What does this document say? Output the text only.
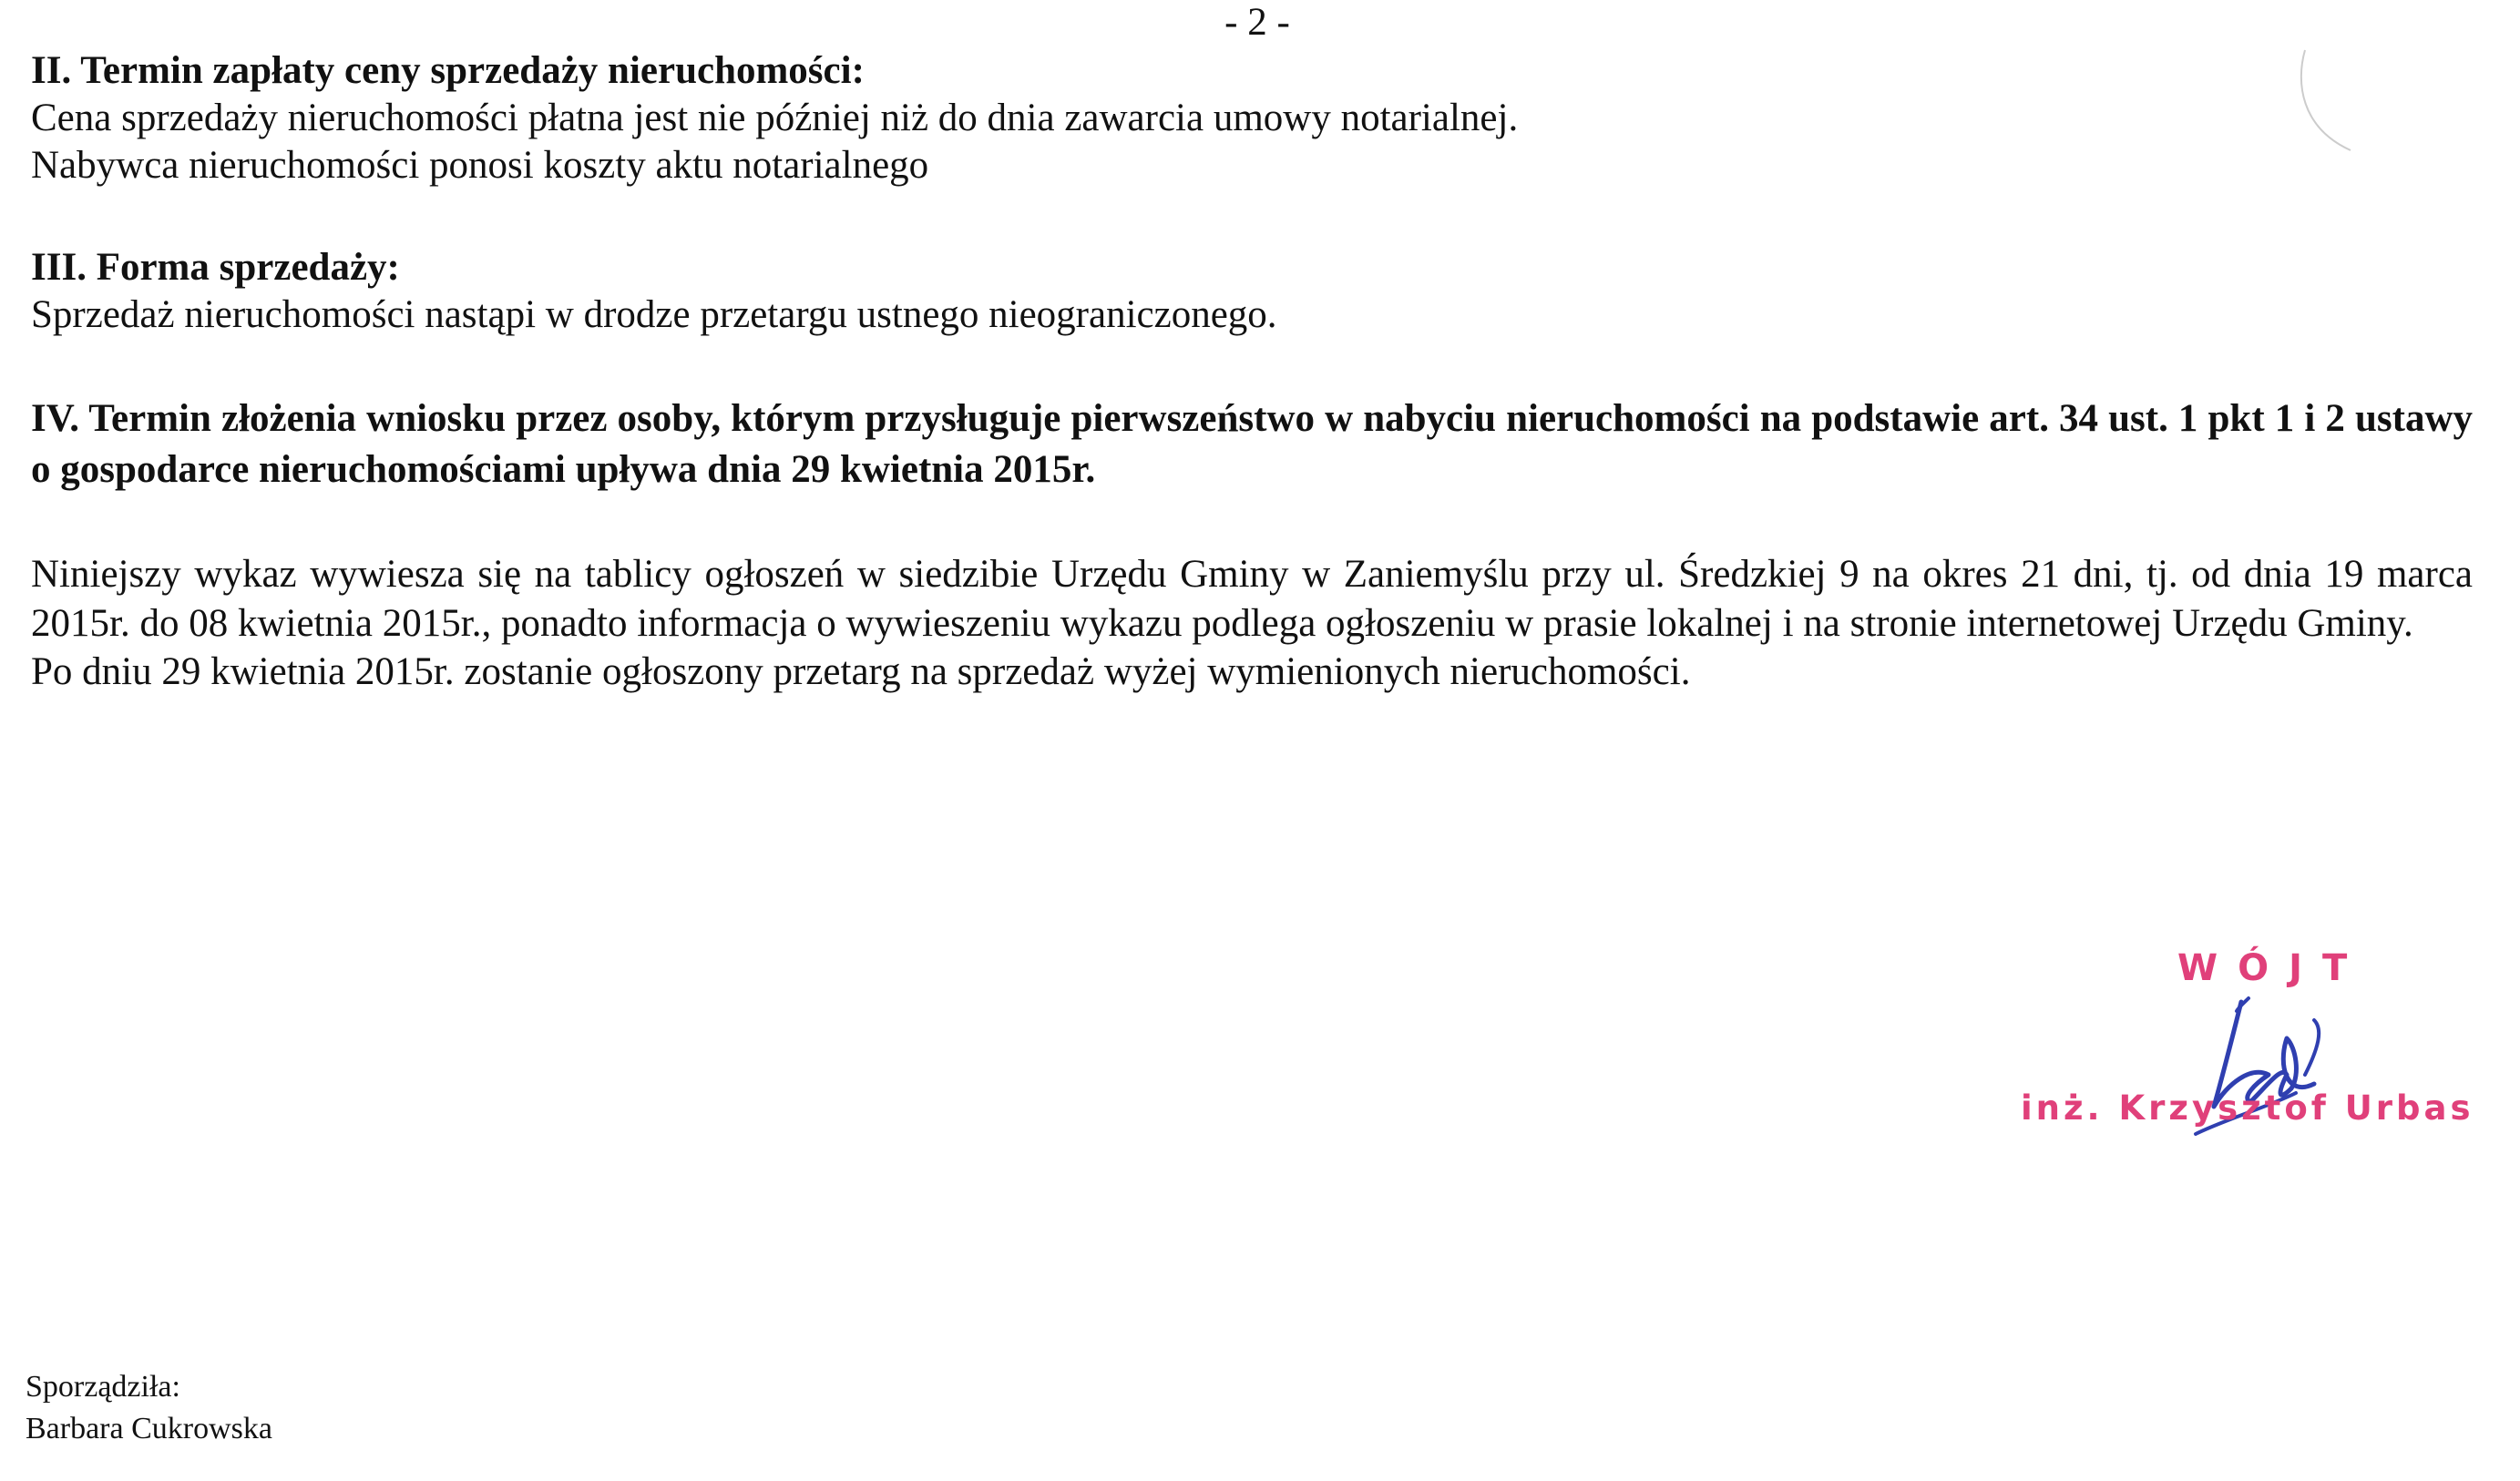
- 2 -

II. Termin zapłaty ceny sprzedaży nieruchomości:

Cena sprzedaży nieruchomości płatna jest nie później niż do dnia zawarcia umowy notarialnej.

Nabywca nieruchomości ponosi koszty aktu notarialnego

III. Forma sprzedaży:

Sprzedaż nieruchomości nastąpi w drodze przetargu ustnego nieograniczonego.

IV. Termin złożenia wniosku przez osoby, którym przysługuje pierwszeństwo w nabyciu nieruchomości na podstawie art. 34 ust. 1 pkt 1 i 2 ustawy o gospodarce nieruchomościami upływa dnia 29 kwietnia 2015r.

Niniejszy wykaz wywiesza się na tablicy ogłoszeń w siedzibie Urzędu Gminy w Zaniemyślu przy ul. Średzkiej 9 na okres 21 dni, tj. od dnia 19 marca 2015r. do 08 kwietnia 2015r., ponadto informacja o wywieszeniu wykazu podlega ogłoszeniu w prasie lokalnej i na stronie internetowej Urzędu Gminy.

Po dniu 29 kwietnia 2015r. zostanie ogłoszony przetarg na sprzedaż wyżej wymienionych nieruchomości.

WÓJT
inż. Krzysztof Urbas
Sporządziła:
Barbara Cukrowska
